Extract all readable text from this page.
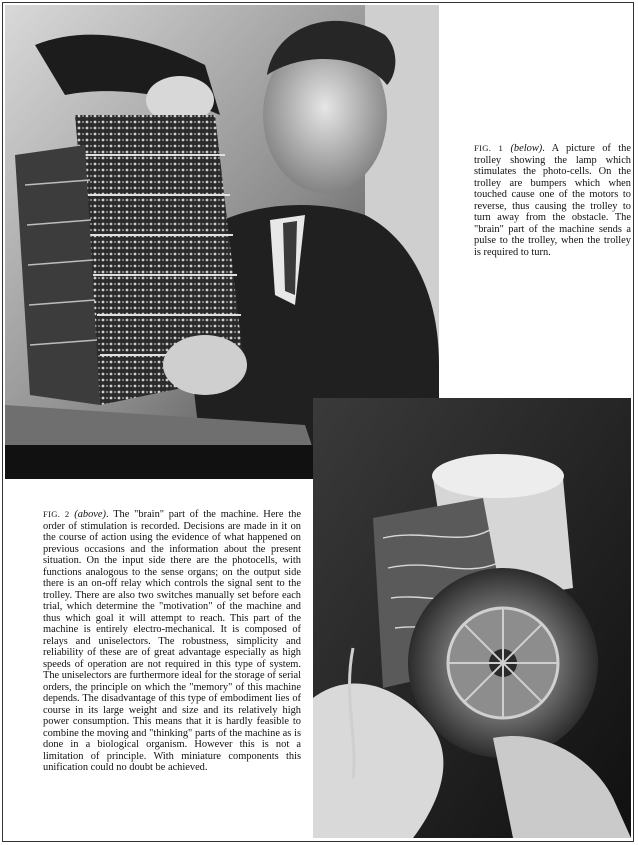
FIG. 1 (below). A picture of the trolley showing the lamp which stimulates the photo-cells. On the trolley are bumpers which when touched cause one of the motors to reverse, thus causing the trolley to turn away from the obstacle. The "brain" part of the machine sends a pulse to the trolley, when the trolley is required to turn.
FIG. 2 (above). The "brain" part of the machine. Here the order of stimulation is recorded. Decisions are made in it on the course of action using the evidence of what happened on previous occasions and the information about the present situation. On the input side there are the photocells, with functions analogous to the sense organs; on the output side there is an on-off relay which controls the signal sent to the trolley. There are also two switches manually set before each trial, which determine the "motivation" of the machine and thus which goal it will attempt to reach. This part of the machine is entirely electro-mechanical. It is composed of relays and uniselectors. The robustness, simplicity and reliability of these are of great advantage especially as high speeds of operation are not required in this type of system. The uniselectors are furthermore ideal for the storage of serial orders, the principle on which the "memory" of this machine depends. The disadvantage of this type of embodiment lies of course in its large weight and size and its relatively high power consumption. This means that it is hardly feasible to combine the moving and "thinking" parts of the machine as is done in a biological organism. However this is not a limitation of principle. With miniature components this unification could no doubt be achieved.
